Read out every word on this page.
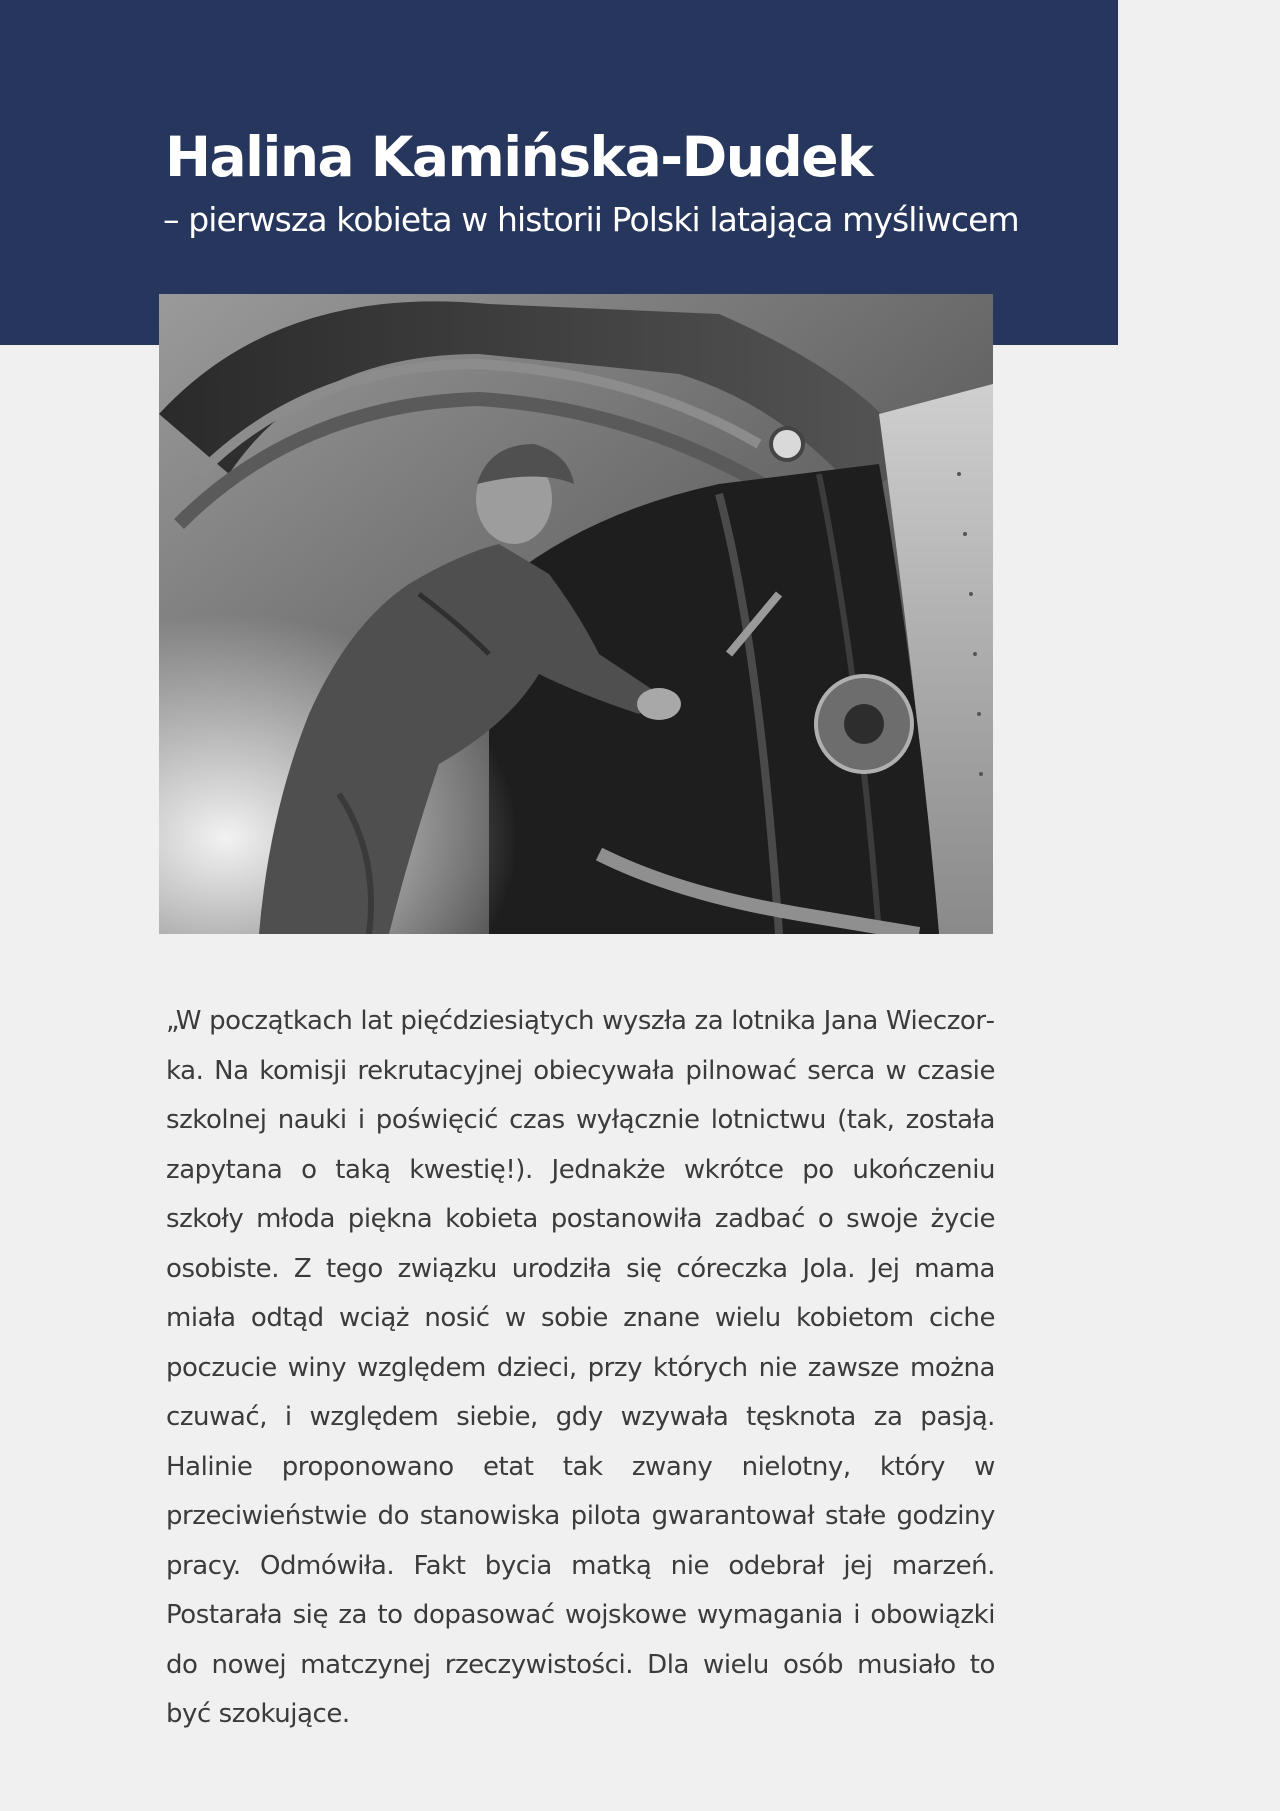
Halina Kamińska-Dudek
– pierwsza kobieta w historii Polski latająca myśliwcem

„W początkach lat pięćdziesiątych wyszła za lotnika Jana Wieczorka. Na komisji rekrutacyjnej obiecywała pilnować serca w czasie szkolnej nauki i poświęcić czas wyłącznie lotnictwu (tak, została zapytana o taką kwestię!). Jednakże wkrótce po ukończeniu szkoły młoda piękna kobieta postanowiła zadbać o swoje życie osobiste. Z tego związku urodziła się córeczka Jola. Jej mama miała odtąd wciąż nosić w sobie znane wielu kobietom ciche poczucie winy względem dzieci, przy których nie zawsze można czuwać, i względem siebie, gdy wzywała tęsknota za pasją. Halinie proponowano etat tak zwany nielotny, który w przeciwieństwie do stanowiska pilota gwarantował stałe godziny pracy. Odmówiła. Fakt bycia matką nie odebrał jej marzeń. Postarała się za to dopasować wojskowe wymagania i obowiązki do nowej matczynej rzeczywistości. Dla wielu osób musiało to być szokujące.
